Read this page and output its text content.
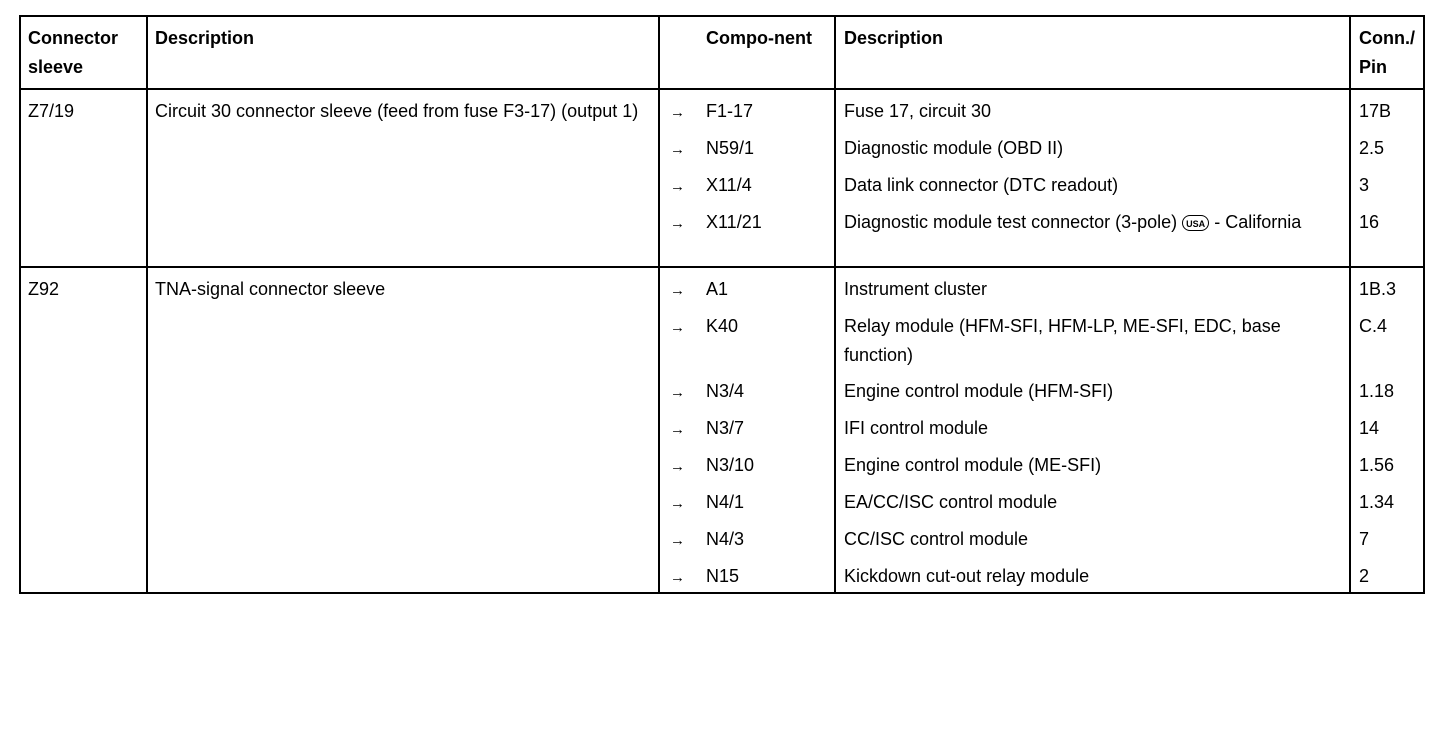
Connector sleeve	Description		Compo-nent	Description	Conn./ Pin
Z7/19	Circuit 30 connector sleeve (feed from fuse F3-17) (output 1)	→	F1-17	Fuse 17, circuit 30	17B
		→	N59/1	Diagnostic module (OBD II)	2.5
		→	X11/4	Data link connector (DTC readout)	3
		→	X11/21	Diagnostic module test connector (3-pole) USA - California	16
Z92	TNA-signal connector sleeve	→	A1	Instrument cluster	1B.3
		→	K40	Relay module (HFM-SFI, HFM-LP, ME-SFI, EDC, base function)	C.4
		→	N3/4	Engine control module (HFM-SFI)	1.18
		→	N3/7	IFI control module	14
		→	N3/10	Engine control module (ME-SFI)	1.56
		→	N4/1	EA/CC/ISC control module	1.34
		→	N4/3	CC/ISC control module	7
		→	N15	Kickdown cut-out relay module	2
